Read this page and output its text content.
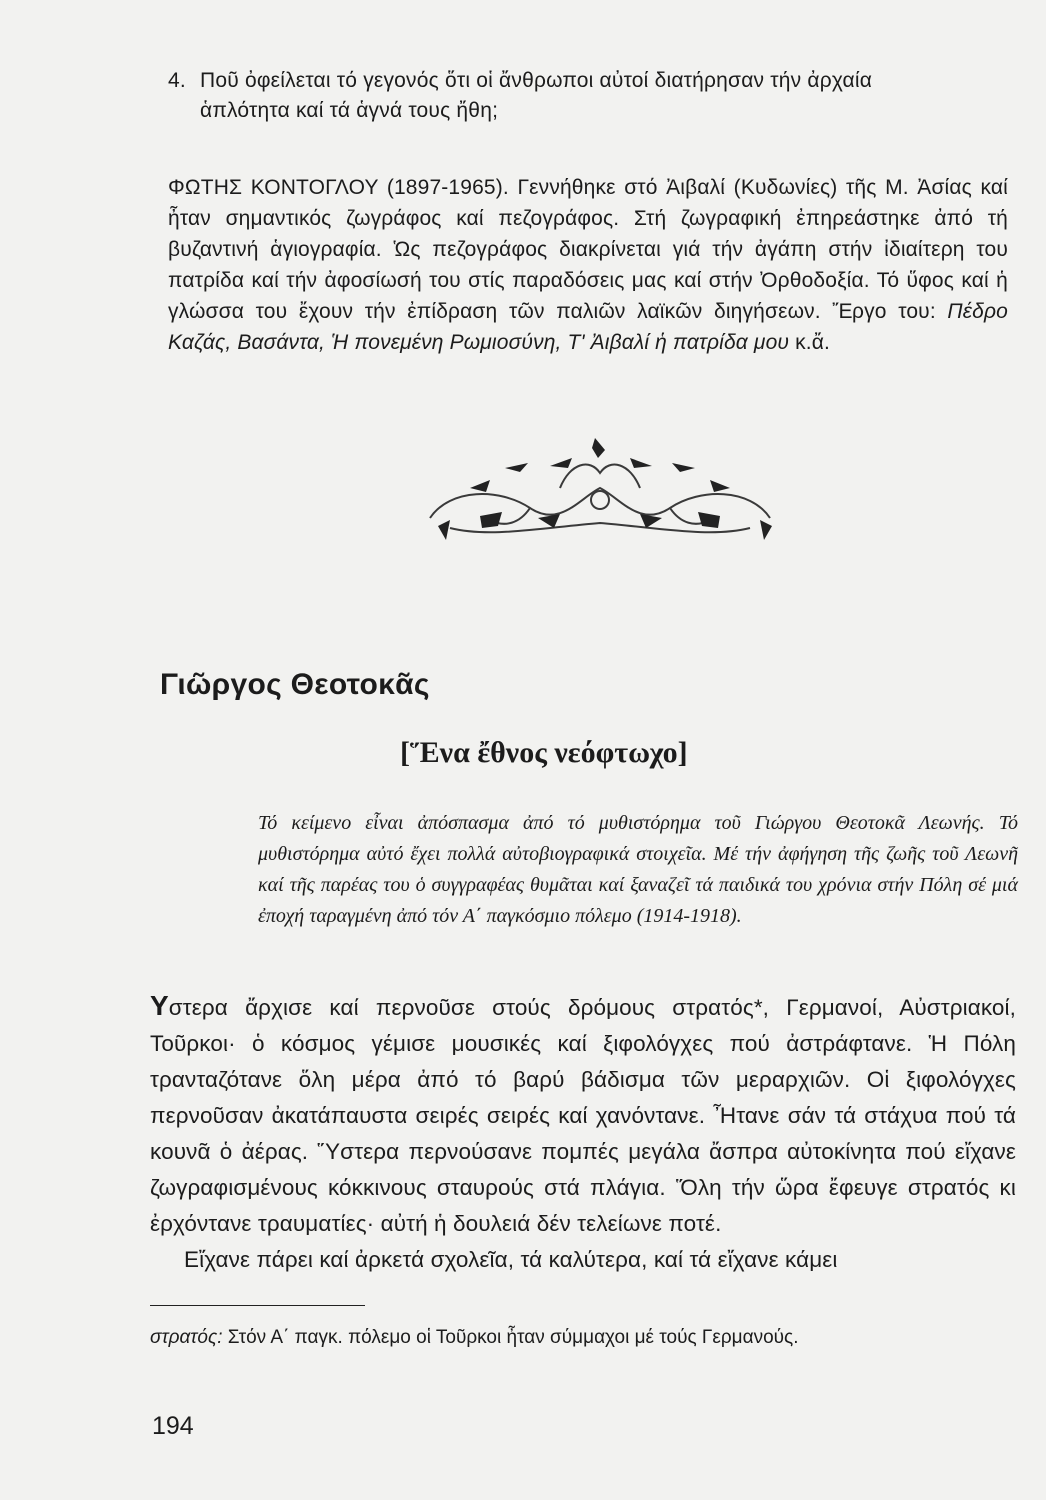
4. Ποῦ ὀφείλεται τό γεγονός ὅτι οἱ ἄνθρωποι αὐτοί διατήρησαν τήν ἀρχαία
ἁπλότητα καί τά ἁγνά τους ἤθη;
ΦΩΤΗΣ ΚΟΝΤΟΓΛΟΥ (1897-1965). Γεννήθηκε στό Ἀιβαλί (Κυδωνίες) τῆς Μ. Ἀσίας καί ἦταν σημαντικός ζωγράφος καί πεζογράφος. Στή ζωγραφική ἐπηρεάστηκε ἀπό τή βυζαντινή ἁγιογραφία. Ὡς πεζογράφος διακρίνεται γιά τήν ἀγάπη στήν ἰδιαίτερη του πατρίδα καί τήν ἀφοσίωσή του στίς παραδόσεις μας καί στήν Ὀρθοδοξία. Τό ὕφος καί ἡ γλώσσα του ἔχουν τήν ἐπίδραση τῶν παλιῶν λαϊκῶν διηγήσεων. Ἔργο του: Πέδρο Καζάς, Βασάντα, Ἡ πονεμένη Ρωμιοσύνη, Τ' Ἀιβαλί ἡ πατρίδα μου κ.ἄ.
Γιῶργος Θεοτοκᾶς
[Ἕνα ἔθνος νεόφτωχο]
Τό κείμενο εἶναι ἀπόσπασμα ἀπό τό μυθιστόρημα τοῦ Γιώργου Θεοτοκᾶ Λεωνής. Τό μυθιστόρημα αὐτό ἔχει πολλά αὐτοβιογραφικά στοιχεῖα. Μέ τήν ἀφήγηση τῆς ζωῆς τοῦ Λεωνῆ καί τῆς παρέας του ὁ συγγραφέας θυμᾶται καί ξαναζεῖ τά παιδικά του χρόνια στήν Πόλη σέ μιά ἐποχή ταραγμένη ἀπό τόν Α΄ παγκόσμιο πόλεμο (1914-1918).

Υστερα ἄρχισε καί περνοῦσε στούς δρόμους στρατός*, Γερμανοί, Αὐστριακοί, Τοῦρκοι· ὁ κόσμος γέμισε μουσικές καί ξιφολόγχες πού ἀστράφτανε. Ἡ Πόλη τρανταζότανε ὅλη μέρα ἀπό τό βαρύ βάδισμα τῶν μεραρχιῶν. Οἱ ξιφολόγχες περνοῦσαν ἀκατάπαυστα σειρές σειρές καί χανόντανε. Ἦτανε σάν τά στάχυα πού τά κουνᾶ ὁ ἀέρας. Ὕστερα περνούσανε πομπές μεγάλα ἄσπρα αὐτοκίνητα πού εἴχανε ζωγραφισμένους κόκκινους σταυρούς στά πλάγια. Ὅλη τήν ὥρα ἔφευγε στρατός κι ἐρχόντανε τραυματίες· αὐτή ἡ δουλειά δέν τελείωνε ποτέ.

Εἴχανε πάρει καί ἀρκετά σχολεῖα, τά καλύτερα, καί τά εἴχανε κάμει

στρατός: Στόν Α΄ παγκ. πόλεμο οἱ Τοῦρκοι ἦταν σύμμαχοι μέ τούς Γερμανούς.
194
